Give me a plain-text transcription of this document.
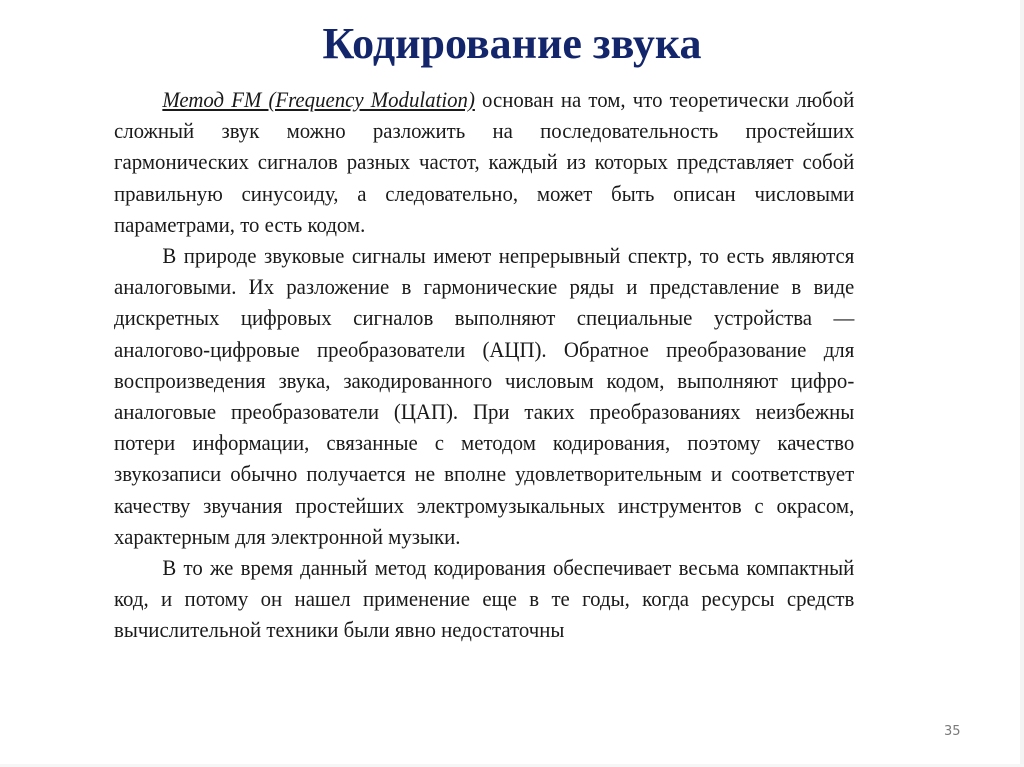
Кодирование звука

Метод FM (Frequency Modulation) основан на том, что теоретически любой сложный звук можно разложить на последовательность простейших гармонических сигналов разных частот, каждый из которых представляет собой правильную синусоиду, а следовательно, может быть описан числовыми параметрами, то есть кодом.

В природе звуковые сигналы имеют непрерывный спектр, то есть являются аналоговыми. Их разложение в гармонические ряды и представление в виде дискретных цифровых сигналов выполняют специальные устройства — аналогово-цифровые преобразователи (АЦП). Обратное преобразование для воспроизведения звука, закодированного числовым кодом, выполняют цифро-аналоговые преобразователи (ЦАП). При таких преобразованиях неизбежны потери информации, связанные с методом кодирования, поэтому качество звукозаписи обычно получается не вполне удовлетворительным и соответствует качеству звучания простейших электромузыкальных инструментов с окрасом, характерным для электронной музыки.

В то же время данный метод кодирования обеспечивает весьма компактный код, и потому он нашел применение еще в те годы, когда ресурсы средств вычислительной техники были явно недостаточны

35
